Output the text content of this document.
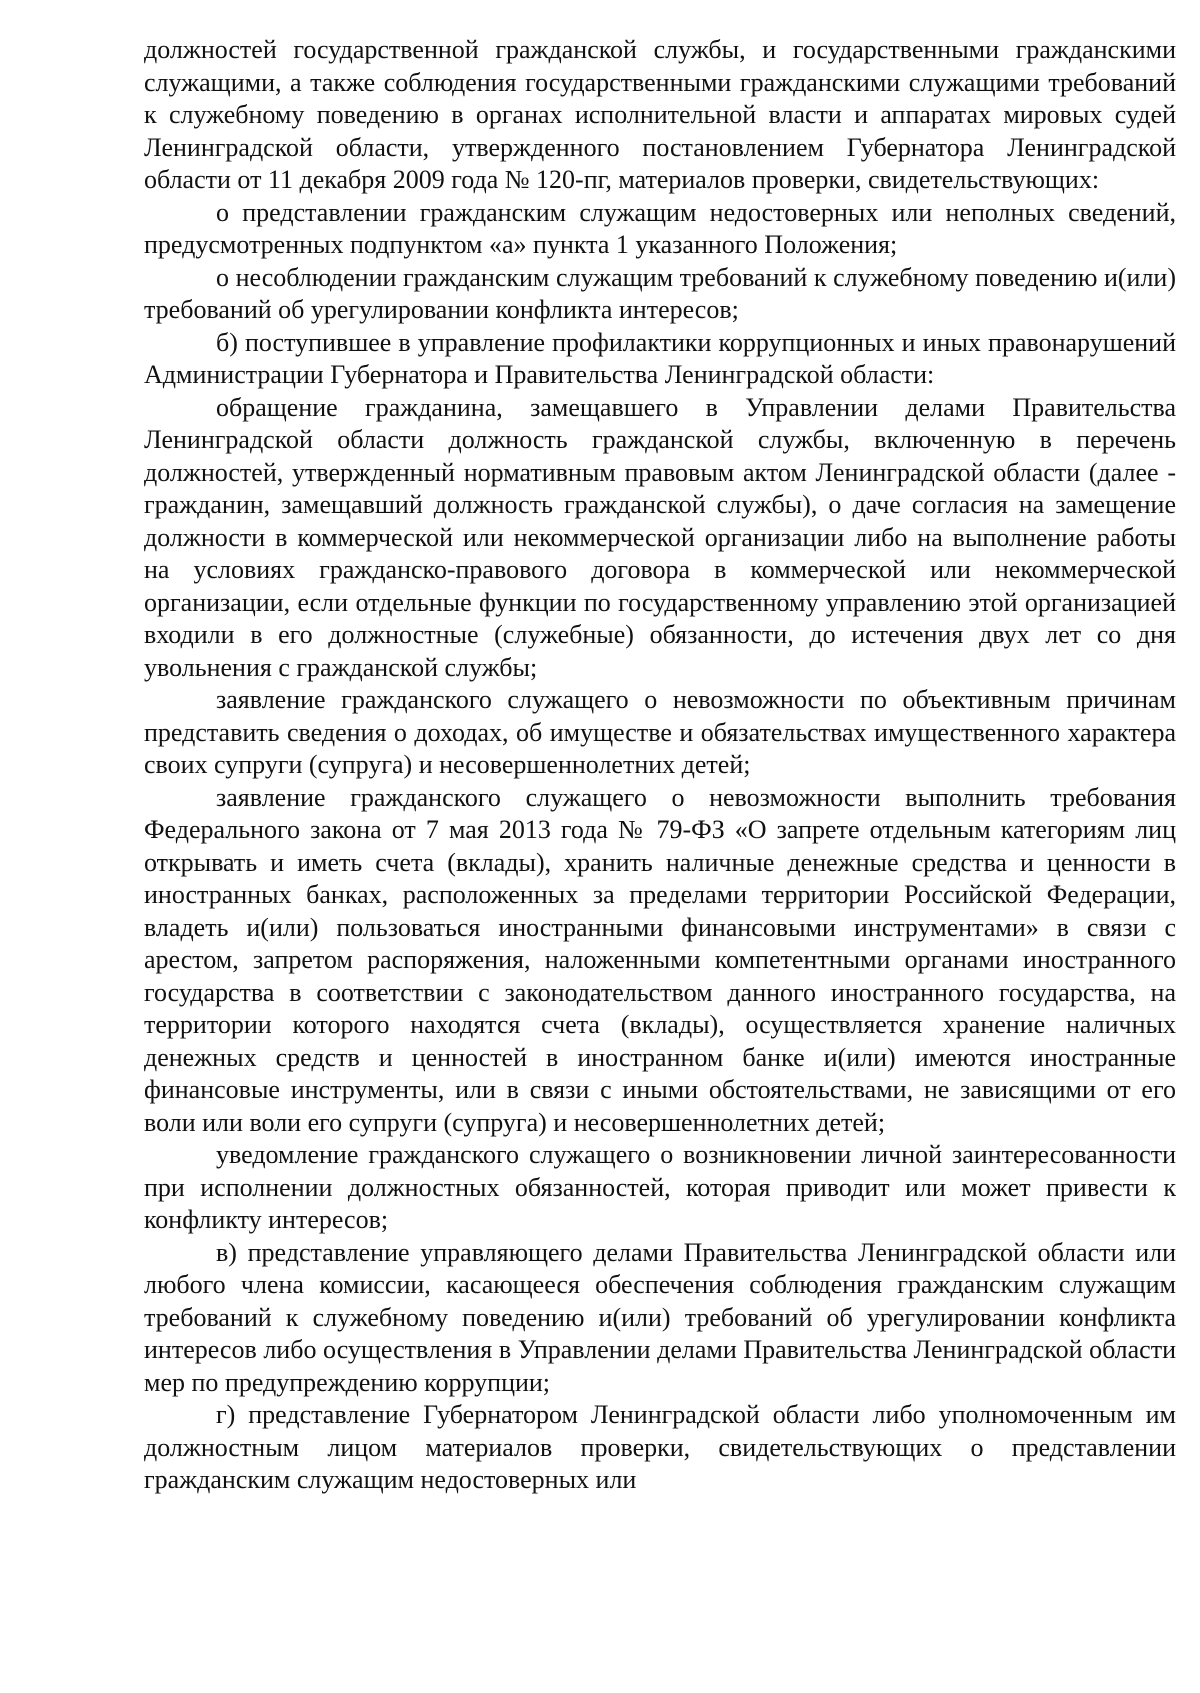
должностей государственной гражданской службы, и государственными гражданскими служащими, а также соблюдения государственными гражданскими служащими требований к служебному поведению в органах исполнительной власти и аппаратах мировых судей Ленинградской области, утвержденного постановлением Губернатора Ленинградской области от 11 декабря 2009 года № 120-пг, материалов проверки, свидетельствующих:

о представлении гражданским служащим недостоверных или неполных сведений, предусмотренных подпунктом «а» пункта 1 указанного Положения;

о несоблюдении гражданским служащим требований к служебному поведению и(или) требований об урегулировании конфликта интересов;

б) поступившее в управление профилактики коррупционных и иных правонарушений Администрации Губернатора и Правительства Ленинградской области:

обращение гражданина, замещавшего в Управлении делами Правительства Ленинградской области должность гражданской службы, включенную в перечень должностей, утвержденный нормативным правовым актом Ленинградской области (далее - гражданин, замещавший должность гражданской службы), о даче согласия на замещение должности в коммерческой или некоммерческой организации либо на выполнение работы на условиях гражданско-правового договора в коммерческой или некоммерческой организации, если отдельные функции по государственному управлению этой организацией входили в его должностные (служебные) обязанности, до истечения двух лет со дня увольнения с гражданской службы;

заявление гражданского служащего о невозможности по объективным причинам представить сведения о доходах, об имуществе и обязательствах имущественного характера своих супруги (супруга) и несовершеннолетних детей;

заявление гражданского служащего о невозможности выполнить требования Федерального закона от 7 мая 2013 года № 79-ФЗ «О запрете отдельным категориям лиц открывать и иметь счета (вклады), хранить наличные денежные средства и ценности в иностранных банках, расположенных за пределами территории Российской Федерации, владеть и(или) пользоваться иностранными финансовыми инструментами» в связи с арестом, запретом распоряжения, наложенными компетентными органами иностранного государства в соответствии с законодательством данного иностранного государства, на территории которого находятся счета (вклады), осуществляется хранение наличных денежных средств и ценностей в иностранном банке и(или) имеются иностранные финансовые инструменты, или в связи с иными обстоятельствами, не зависящими от его воли или воли его супруги (супруга) и несовершеннолетних детей;

уведомление гражданского служащего о возникновении личной заинтересованности при исполнении должностных обязанностей, которая приводит или может привести к конфликту интересов;

в) представление управляющего делами Правительства Ленинградской области или любого члена комиссии, касающееся обеспечения соблюдения гражданским служащим требований к служебному поведению и(или) требований об урегулировании конфликта интересов либо осуществления в Управлении делами Правительства Ленинградской области мер по предупреждению коррупции;

г) представление Губернатором Ленинградской области либо уполномоченным им должностным лицом материалов проверки, свидетельствующих о представлении гражданским служащим недостоверных или
